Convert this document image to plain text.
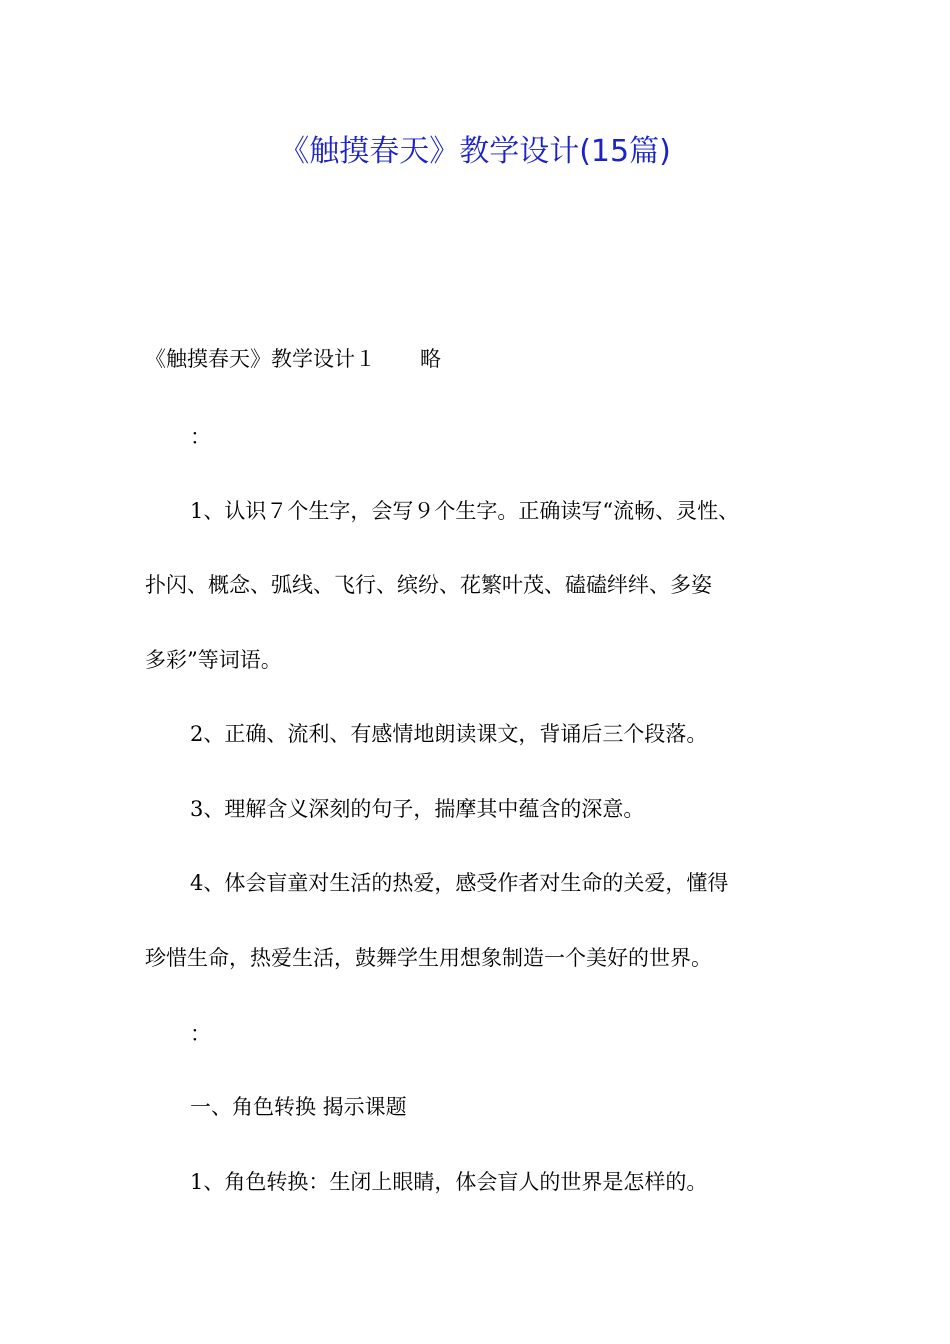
《触摸春天》教学设计(15篇)
《触摸春天》教学设计１ 略
：
1、认识７个生字，会写９个生字。正确读写“流畅、灵性、
扑闪、概念、弧线、飞行、缤纷、花繁叶茂、磕磕绊绊、多姿
多彩”等词语。
2、正确、流利、有感情地朗读课文，背诵后三个段落。
3、理解含义深刻的句子，揣摩其中蕴含的深意。
4、体会盲童对生活的热爱，感受作者对生命的关爱，懂得
珍惜生命，热爱生活，鼓舞学生用想象制造一个美好的世界。
：
一、角色转换 揭示课题
1、角色转换：生闭上眼睛，体会盲人的世界是怎样的。
